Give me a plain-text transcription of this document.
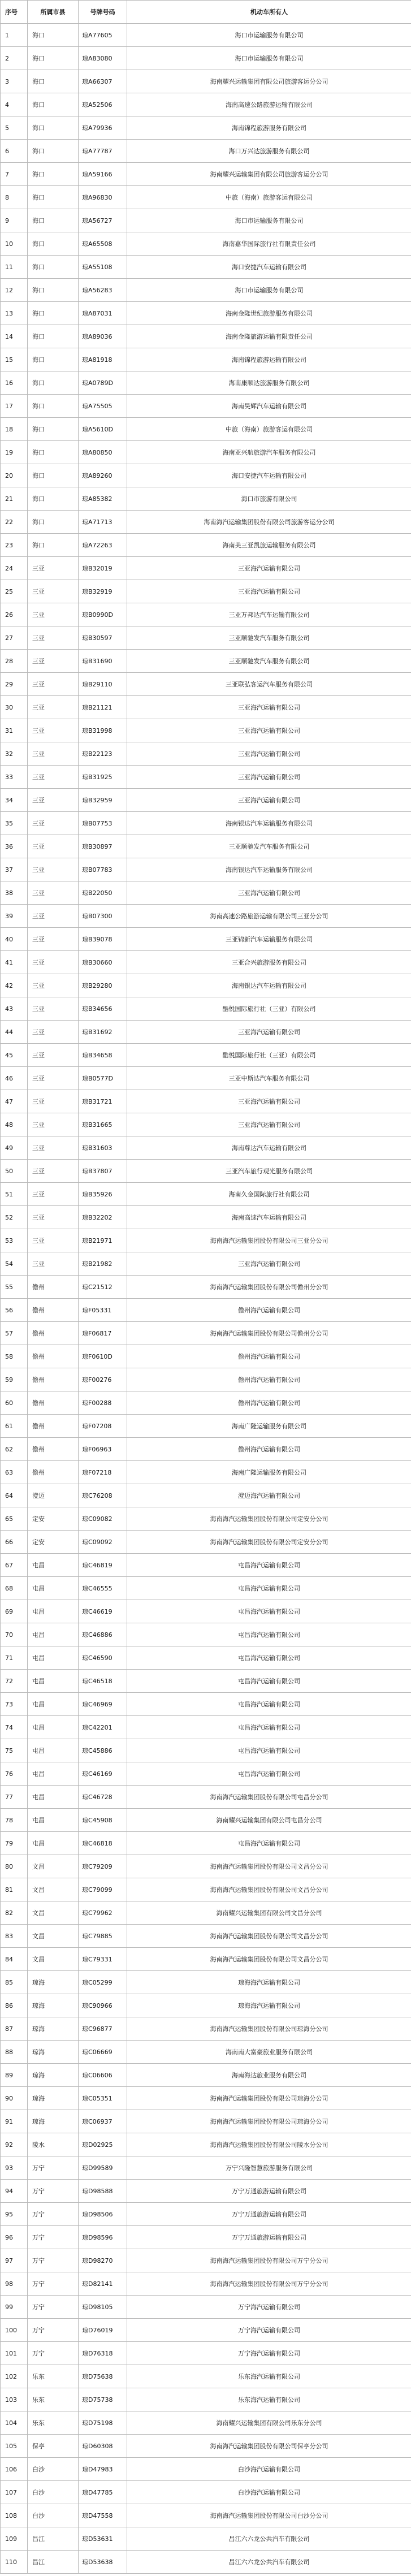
序号	所属市县	号牌号码	机动车所有人
1	海口	琼A77605	海口市运输服务有限公司
2	海口	琼A83080	海口市运输服务有限公司
3	海口	琼A66307	海南耀兴运输集团有限公司旅游客运分公司
4	海口	琼A52506	海南高速公路旅游运输有限公司
5	海口	琼A79936	海南锦程旅游服务有限公司
6	海口	琼A77787	海口万兴达旅游服务有限公司
7	海口	琼A59166	海南耀兴运输集团有限公司旅游客运分公司
8	海口	琼A96830	中旅（海南）旅游客运有限公司
9	海口	琼A56727	海口市运输服务有限公司
10	海口	琼A65508	海南嘉华国际旅行社有限责任公司
11	海口	琼A55108	海口安捷汽车运输有限公司
12	海口	琼A56283	海口市运输服务有限公司
13	海口	琼A87031	海南金隆世纪旅游服务有限公司
14	海口	琼A89036	海南金隆旅游运输有限责任公司
15	海口	琼A81918	海南锦程旅游运输有限公司
16	海口	琼A0789D	海南康顺达旅游服务有限公司
17	海口	琼A75505	海南昊辉汽车运输有限公司
18	海口	琼A5610D	中旅（海南）旅游客运有限公司
19	海口	琼A80850	海南亚兴航旅游汽车服务有限公司
20	海口	琼A89260	海口安捷汽车运输有限公司
21	海口	琼A85382	海口市旅游有限公司
22	海口	琼A71713	海南海汽运输集团股份有限公司旅游客运分公司
23	海口	琼A72263	海南美三亚凯旅运输服务有限公司
24	三亚	琼B32019	三亚海汽运输有限公司
25	三亚	琼B32919	三亚海汽运输有限公司
26	三亚	琼B0990D	三亚万邦达汽车运输有限公司
27	三亚	琼B30597	三亚顺驰发汽车服务有限公司
28	三亚	琼B31690	三亚顺驰发汽车服务有限公司
29	三亚	琼B29110	三亚联弘客运汽车服务有限公司
30	三亚	琼B21121	三亚海汽运输有限公司
31	三亚	琼B31998	三亚海汽运输有限公司
32	三亚	琼B22123	三亚海汽运输有限公司
33	三亚	琼B31925	三亚海汽运输有限公司
34	三亚	琼B32959	三亚海汽运输有限公司
35	三亚	琼B07753	海南银达汽车运输服务有限公司
36	三亚	琼B30897	三亚顺驰发汽车服务有限公司
37	三亚	琼B07783	海南银达汽车运输服务有限公司
38	三亚	琼B22050	三亚海汽运输有限公司
39	三亚	琼B07300	海南高速公路旅游运输有限公司三亚分公司
40	三亚	琼B39078	三亚锦新汽车运输服务有限公司
41	三亚	琼B30660	三亚合兴旅游服务有限公司
42	三亚	琼B29280	海南银达汽车运输有限公司
43	三亚	琼B34656	酷悦国际旅行社（三亚）有限公司
44	三亚	琼B31692	三亚海汽运输有限公司
45	三亚	琼B34658	酷悦国际旅行社（三亚）有限公司
46	三亚	琼B0577D	三亚中斯达汽车服务有限公司
47	三亚	琼B31721	三亚海汽运输有限公司
48	三亚	琼B31665	三亚海汽运输有限公司
49	三亚	琼B31603	海南尊达汽车运输有限公司
50	三亚	琼B37807	三亚汽车旅行观光服务有限公司
51	三亚	琼B35926	海南久金国际旅行社有限公司
52	三亚	琼B32202	海南高速汽车运输有限公司
53	三亚	琼B21971	海南海汽运输集团股份有限公司三亚分公司
54	三亚	琼B21982	三亚海汽运输有限公司
55	儋州	琼C21512	海南海汽运输集团股份有限公司儋州分公司
56	儋州	琼F05331	儋州海汽运输有限公司
57	儋州	琼F06817	海南海汽运输集团股份有限公司儋州分公司
58	儋州	琼F0610D	儋州海汽运输有限公司
59	儋州	琼F00276	儋州海汽运输有限公司
60	儋州	琼F00288	儋州海汽运输有限公司
61	儋州	琼F07208	海南广隆运输服务有限公司
62	儋州	琼F06963	儋州海汽运输有限公司
63	儋州	琼F07218	海南广隆运输服务有限公司
64	澄迈	琼C76208	澄迈海汽运输有限公司
65	定安	琼C09082	海南海汽运输集团股份有限公司定安分公司
66	定安	琼C09092	海南海汽运输集团股份有限公司定安分公司
67	屯昌	琼C46819	屯昌海汽运输有限公司
68	屯昌	琼C46555	屯昌海汽运输有限公司
69	屯昌	琼C46619	屯昌海汽运输有限公司
70	屯昌	琼C46886	屯昌海汽运输有限公司
71	屯昌	琼C46590	屯昌海汽运输有限公司
72	屯昌	琼C46518	屯昌海汽运输有限公司
73	屯昌	琼C46969	屯昌海汽运输有限公司
74	屯昌	琼C42201	屯昌海汽运输有限公司
75	屯昌	琼C45886	屯昌海汽运输有限公司
76	屯昌	琼C46169	屯昌海汽运输有限公司
77	屯昌	琼C46728	海南海汽运输集团股份有限公司屯昌分公司
78	屯昌	琼C45908	海南耀兴运输集团有限公司屯昌分公司
79	屯昌	琼C46818	屯昌海汽运输有限公司
80	文昌	琼C79209	海南海汽运输集团股份有限公司文昌分公司
81	文昌	琼C79099	海南海汽运输集团股份有限公司文昌分公司
82	文昌	琼C79962	海南耀兴运输集团有限公司文昌分公司
83	文昌	琼C79885	海南海汽运输集团股份有限公司文昌分公司
84	文昌	琼C79331	海南海汽运输集团股份有限公司文昌分公司
85	琼海	琼C05299	琼海海汽运输有限公司
86	琼海	琼C90966	琼海海汽运输有限公司
87	琼海	琼C96877	海南海汽运输集团股份有限公司琼海分公司
88	琼海	琼C06669	海南南大富豪旅业服务有限公司
89	琼海	琼C06606	海南海达旅业服务有限公司
90	琼海	琼C05351	海南海汽运输集团股份有限公司琼海分公司
91	琼海	琼C06937	海南海汽运输集团股份有限公司琼海分公司
92	陵水	琼D02925	海南海汽运输集团股份有限公司陵水分公司
93	万宁	琼D99589	万宁兴隆智慧旅游服务有限公司
94	万宁	琼D98588	万宁万通旅游运输有限公司
95	万宁	琼D98506	万宁万通旅游运输有限公司
96	万宁	琼D98596	万宁万通旅游运输有限公司
97	万宁	琼D98270	海南海汽运输集团股份有限公司万宁分公司
98	万宁	琼D82141	海南海汽运输集团股份有限公司万宁分公司
99	万宁	琼D98105	万宁海汽运输有限公司
100	万宁	琼D76019	万宁海汽运输有限公司
101	万宁	琼D76318	万宁海汽运输有限公司
102	乐东	琼D75638	乐东海汽运输有限公司
103	乐东	琼D75738	乐东海汽运输有限公司
104	乐东	琼D75198	海南耀兴运输集团有限公司乐东分公司
105	保亭	琼D60308	海南海汽运输集团股份有限公司保亭分公司
106	白沙	琼D47983	白沙海汽运输有限公司
107	白沙	琼D47785	白沙海汽运输有限公司
108	白沙	琼D47558	海南海汽运输集团股份有限公司白沙分公司
109	昌江	琼D53631	昌江六六龙公共汽车有限公司
110	昌江	琼D53638	昌江六六龙公共汽车有限公司
